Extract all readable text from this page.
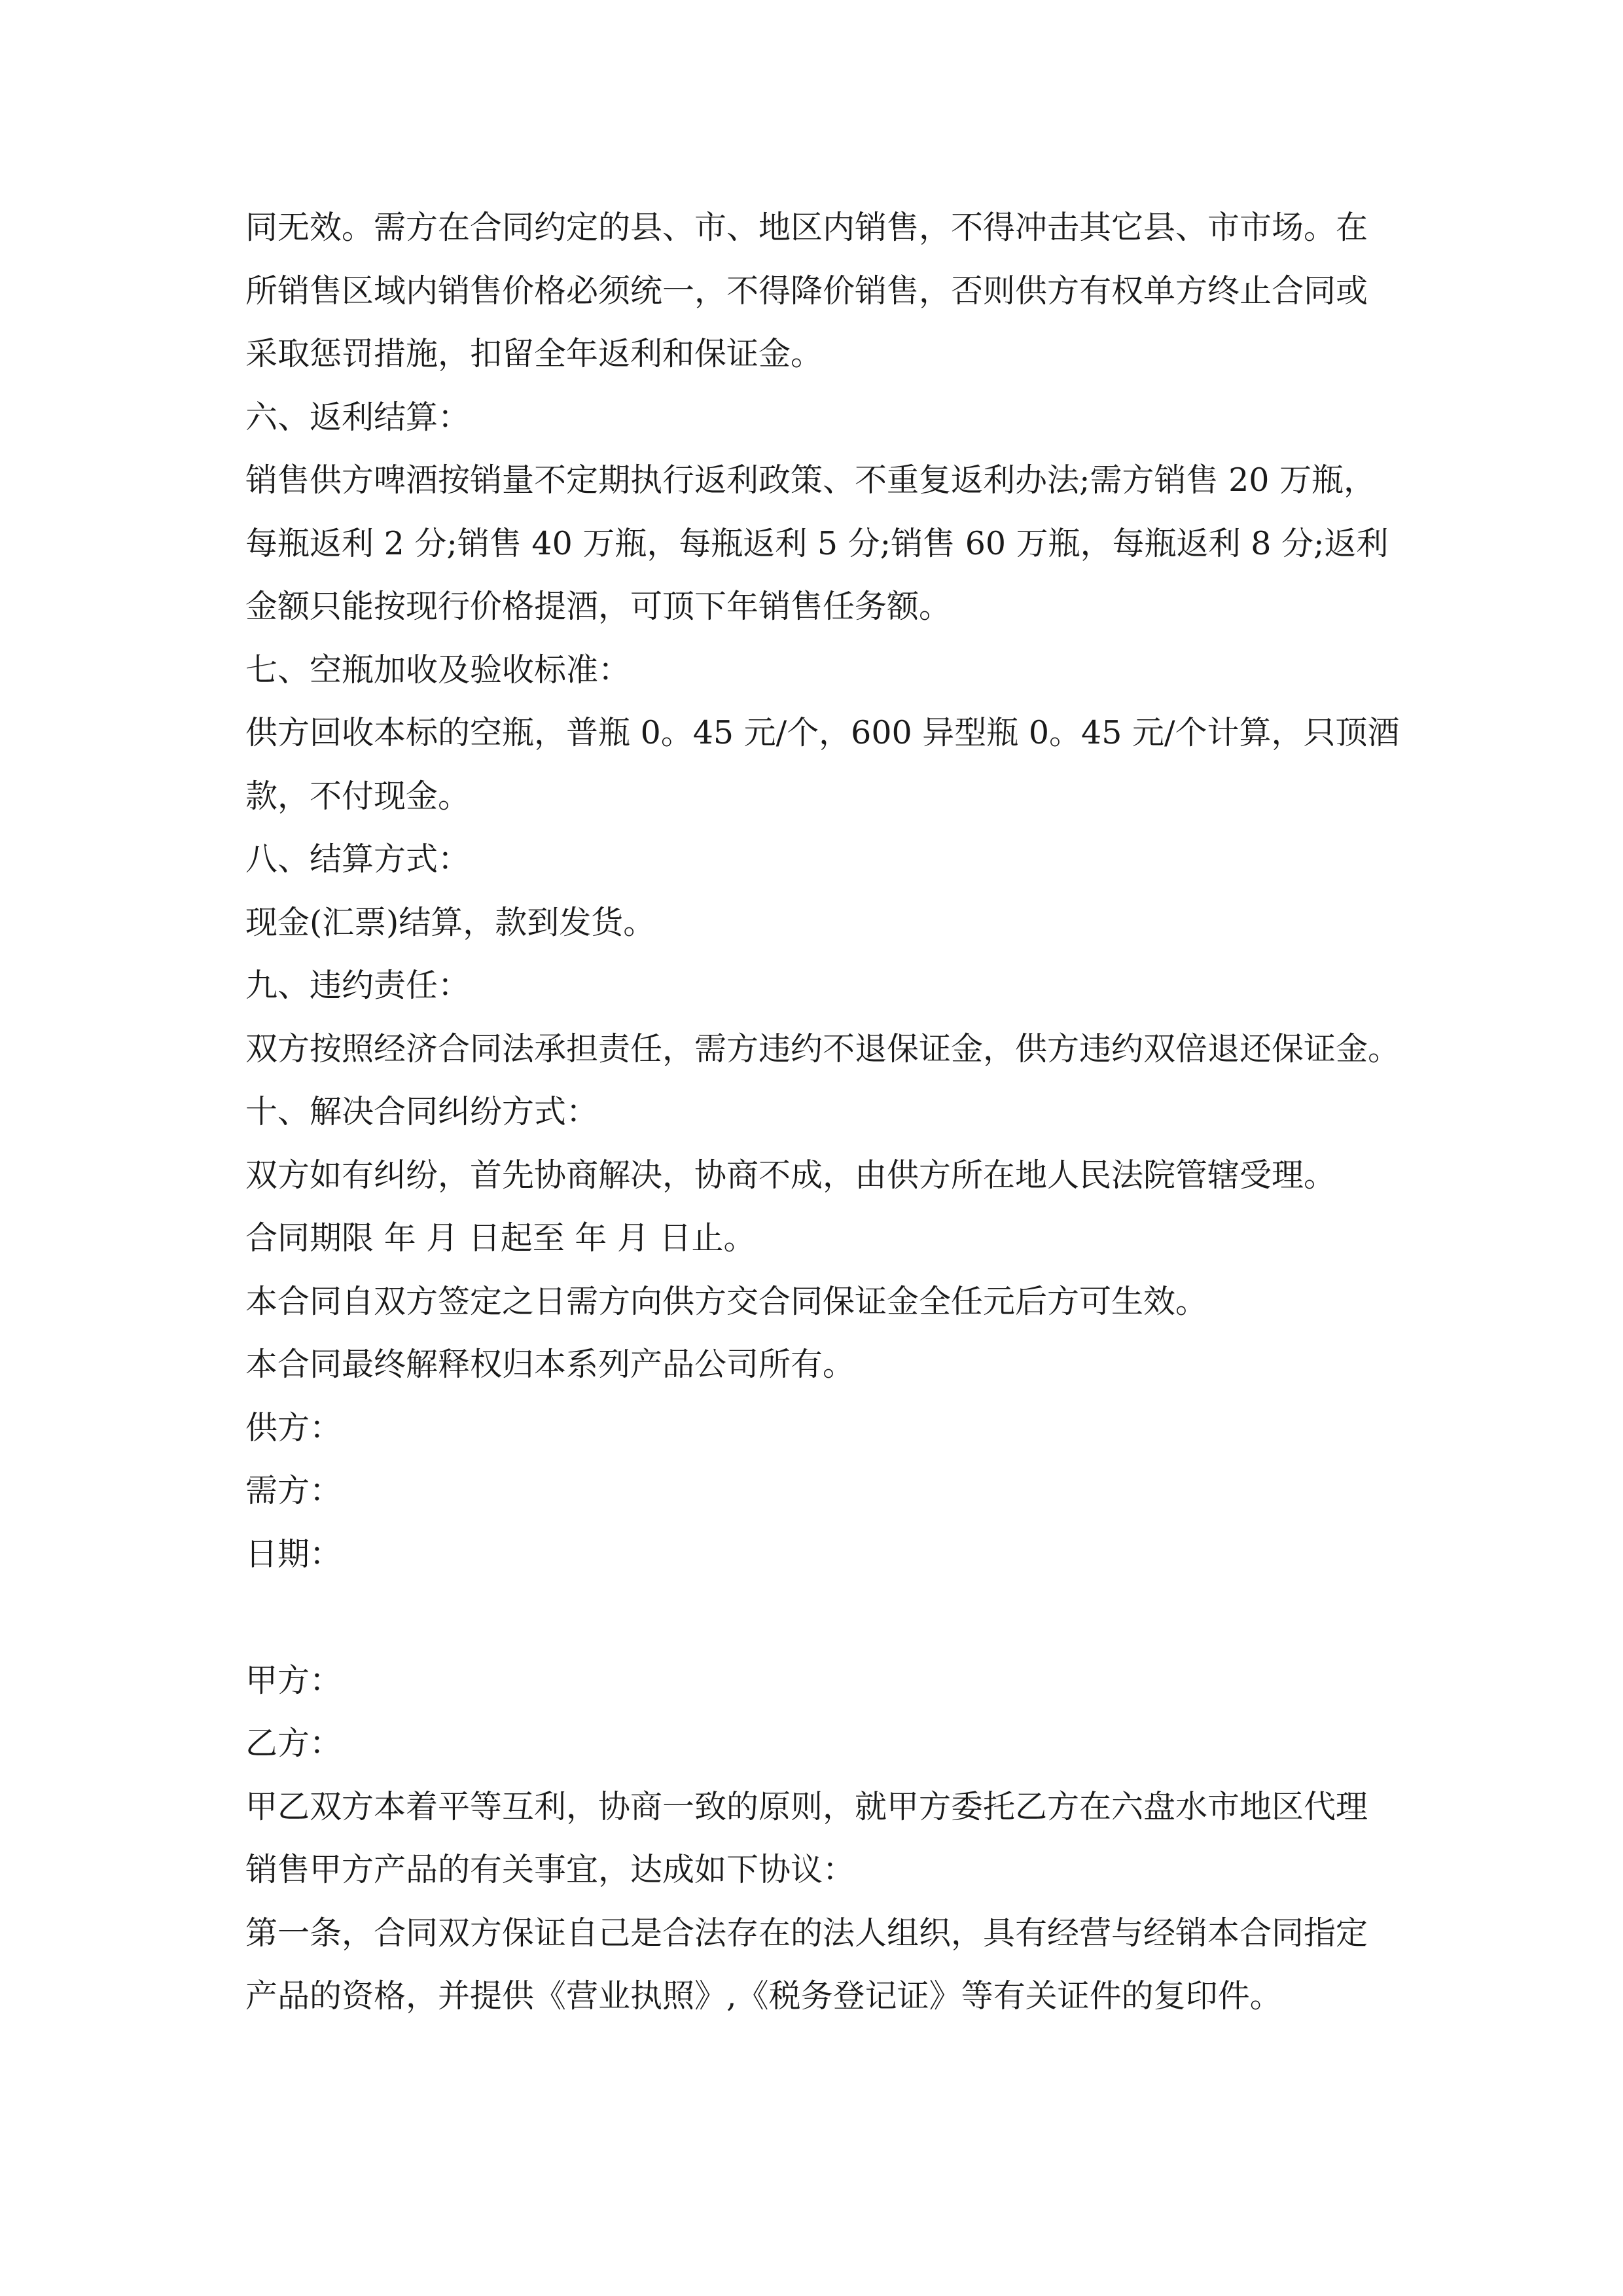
同无效。需方在合同约定的县、市、地区内销售，不得冲击其它县、市市场。在

所销售区域内销售价格必须统一，不得降价销售，否则供方有权单方终止合同或

采取惩罚措施，扣留全年返利和保证金。

六、返利结算：

销售供方啤酒按销量不定期执行返利政策、不重复返利办法;需方销售 20 万瓶，

每瓶返利 2 分;销售 40 万瓶，每瓶返利 5 分;销售 60 万瓶，每瓶返利 8 分;返利

金额只能按现行价格提酒，可顶下年销售任务额。

七、空瓶加收及验收标准：

供方回收本标的空瓶，普瓶 0。45 元/个，600 异型瓶 0。45 元/个计算，只顶酒

款，不付现金。

八、结算方式：

现金(汇票)结算，款到发货。

九、违约责任：

双方按照经济合同法承担责任，需方违约不退保证金，供方违约双倍退还保证金。

十、解决合同纠纷方式：

双方如有纠纷，首先协商解决，协商不成，由供方所在地人民法院管辖受理。

合同期限 年 月 日起至 年 月 日止。

本合同自双方签定之日需方向供方交合同保证金全任元后方可生效。

本合同最终解释权归本系列产品公司所有。

供方：

需方：

日期：

甲方：

乙方：

甲乙双方本着平等互利，协商一致的原则，就甲方委托乙方在六盘水市地区代理

销售甲方产品的有关事宜，达成如下协议：

第一条，合同双方保证自己是合法存在的法人组织，具有经营与经销本合同指定

产品的资格，并提供《营业执照》,《税务登记证》等有关证件的复印件。
